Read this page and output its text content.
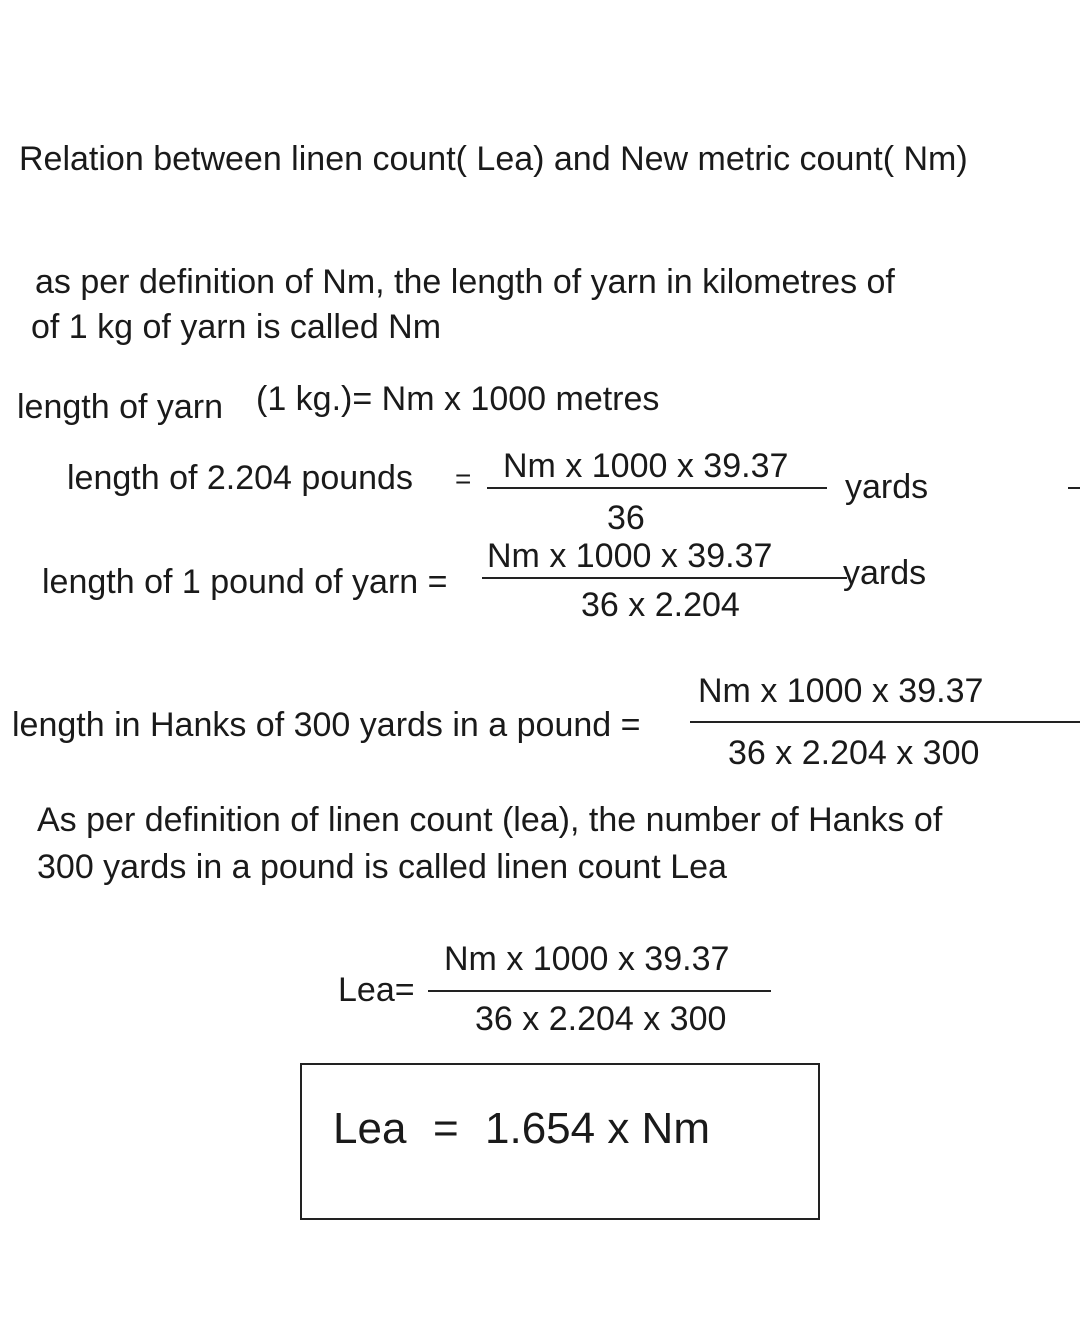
Relation between linen count( Lea) and New metric count( Nm)
as per definition of Nm, the length of yarn in kilometres of
of 1 kg of yarn is called Nm
length of yarn (1 kg.)= Nm x 1000 metres
length of 2.204 pounds = Nm x 1000 x 39.37
36
yards
length of 1 pound of yarn =
Nm x 1000 x 39.37
36 x 2.204
yards
length in Hanks of 300 yards in a pound =
Nm x 1000 x 39.37
36 x 2.204 x 300
As per definition of linen count (lea), the number of Hanks of
300 yards in a pound is called linen count Lea
Lea=
Nm x 1000 x 39.37
36 x 2.204 x 300
Lea = 1.654 x Nm
